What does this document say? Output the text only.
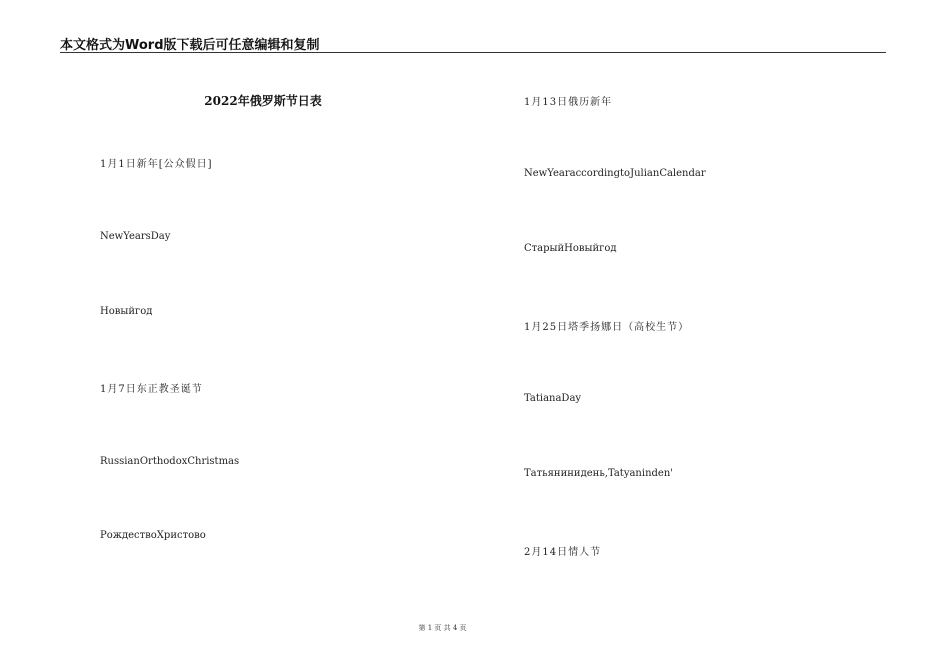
本文格式为Word版下载后可任意编辑和复制
2022年俄罗斯节日表
1月1日新年[公众假日]
NewYearsDay
Новыйгод
1月7日东正教圣诞节
RussianOrthodoxChristmas
РождествоХристово
1月13日俄历新年
NewYearaccordingtoJulianCalendar
СтарыйНовыйгод
1月25日塔季扬娜日（高校生节）
TatianaDay
Татьянинидень,Tatyaninden'
2月14日情人节
第 1 页 共 4 页
